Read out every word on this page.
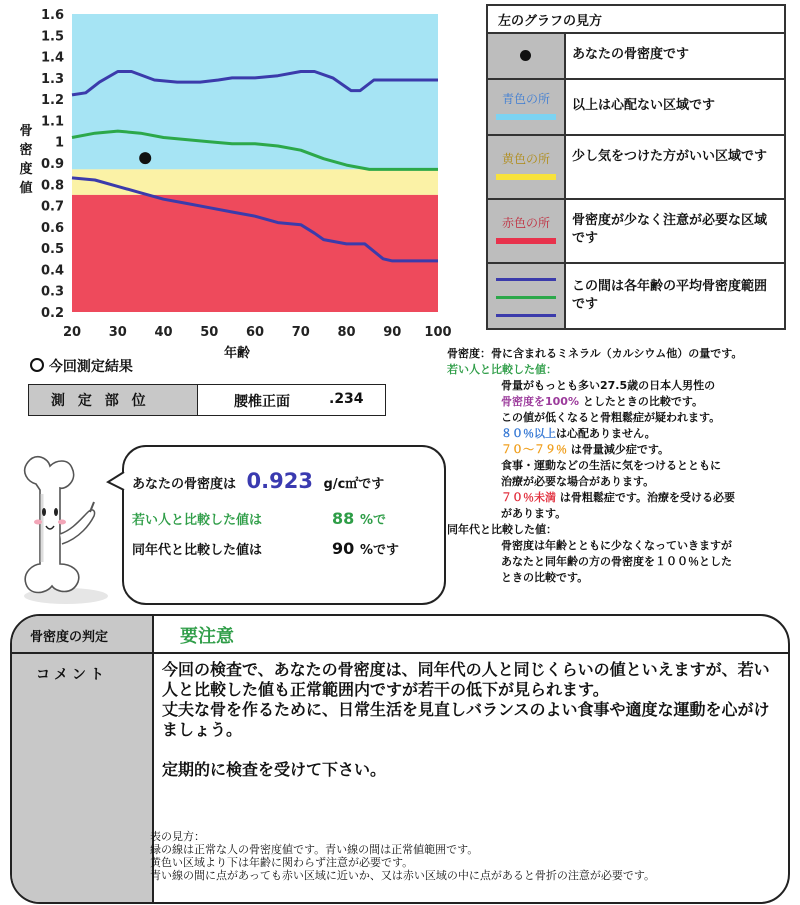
1.6
1.5
1.4
1.3
1.2
1.1
1
0.9
0.8
0.7
0.6
0.5
0.4
0.3
0.2
20 30 40 50 60 70 80 90 100
骨密度値
年齢
左のグラフの見方
あなたの骨密度です
青色の所	以上は心配ない区域です
黄色の所	少し気をつけた方がいい区域です
赤色の所	骨密度が少なく注意が必要な区域です
この間は各年齢の平均骨密度範囲です
今回測定結果
測 定 部 位	腰椎正面	.234
あなたの骨密度は 0.923 g/c㎡です
若い人と比較した値は	88 %で
同年代と比較した値は	90 %です
骨密度：骨に含まれるミネラル（カルシウム他）の量です。
若い人と比較した値：
骨量がもっとも多い27.5歳の日本人男性の
骨密度を100% としたときの比較です。
この値が低くなると骨粗鬆症が疑われます。
８０％以上は心配ありません。
７０～７９％ は骨量減少症です。
食事・運動などの生活に気をつけるとともに
治療が必要な場合があります。
７０％未満 は骨粗鬆症です。治療を受ける必要
があります。
同年代と比較した値：
骨密度は年齢とともに少なくなっていきますが
あなたと同年齢の方の骨密度を１００％とした
ときの比較です。
骨密度の判定	要注意
コメント	今回の検査で、あなたの骨密度は、同年代の人と同じくらいの値といえますが、若い人と比較した値も正常範囲内ですが若干の低下が見られます。
丈夫な骨を作るために、日常生活を見直しバランスのよい食事や適度な運動を心がけましょう。
定期的に検査を受けて下さい。
表の見方：
緑の線は正常な人の骨密度値です。青い線の間は正常値範囲です。
黄色い区域より下は年齢に関わらず注意が必要です。
青い線の間に点があっても赤い区域に近いか、又は赤い区域の中に点があると骨折の注意が必要です。
